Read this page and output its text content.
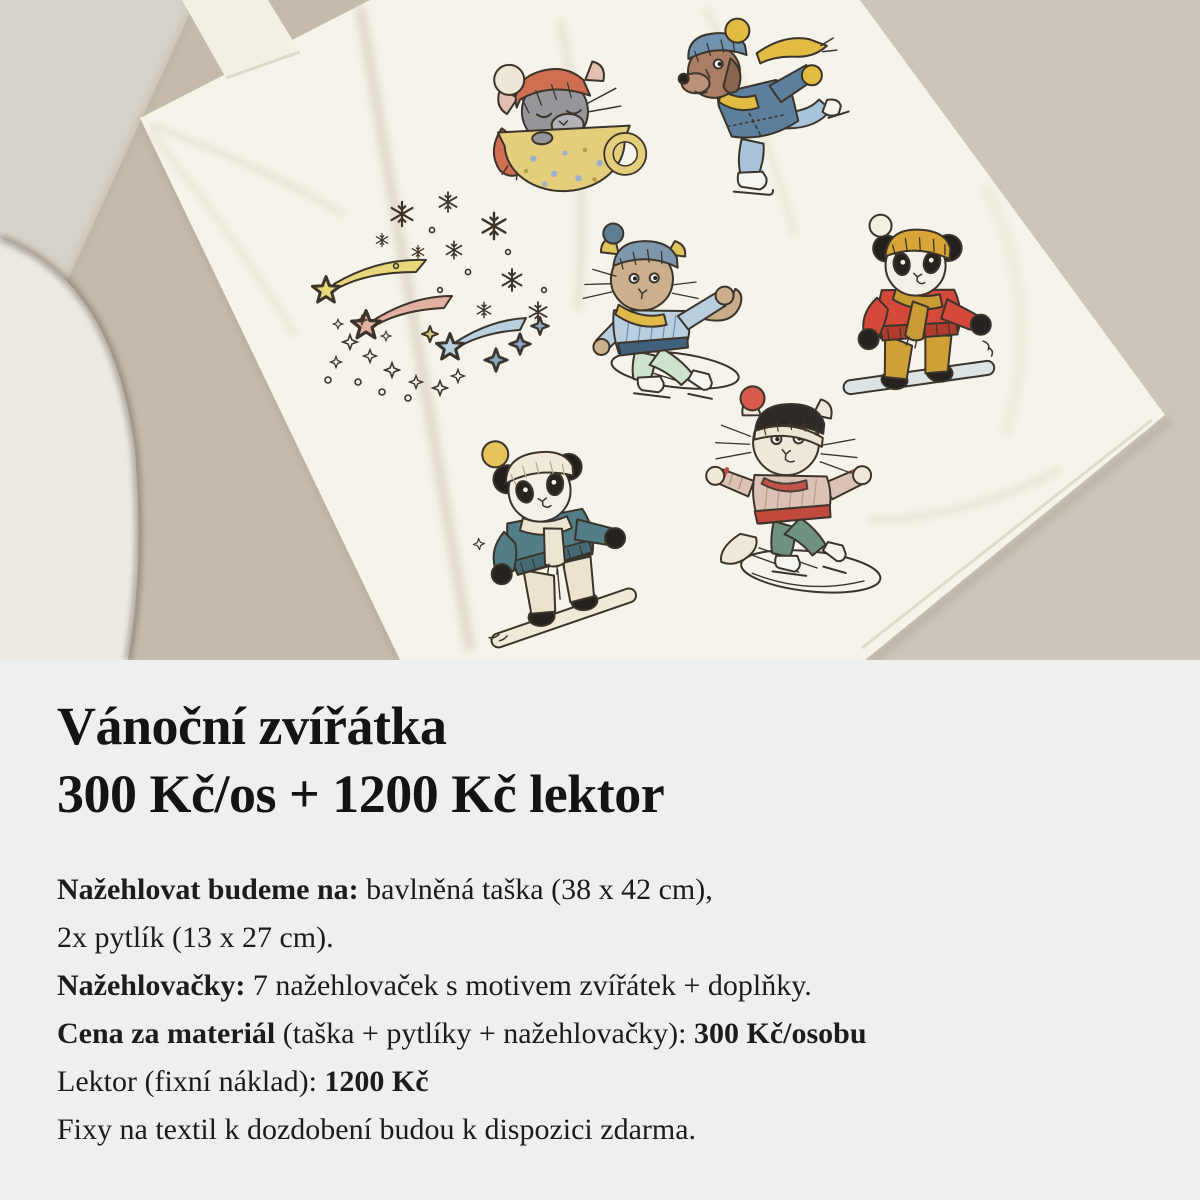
Vánoční zvířátka
300 Kč/os + 1200 Kč lektor
Nažehlovat budeme na: bavlněná taška (38 x 42 cm),
2x pytlík (13 x 27 cm).
Nažehlovačky: 7 nažehlovaček s motivem zvířátek + doplňky.
Cena za materiál (taška + pytlíky + nažehlovačky): 300 Kč/osobu
Lektor (fixní náklad): 1200 Kč
Fixy na textil k dozdobení budou k dispozici zdarma.
